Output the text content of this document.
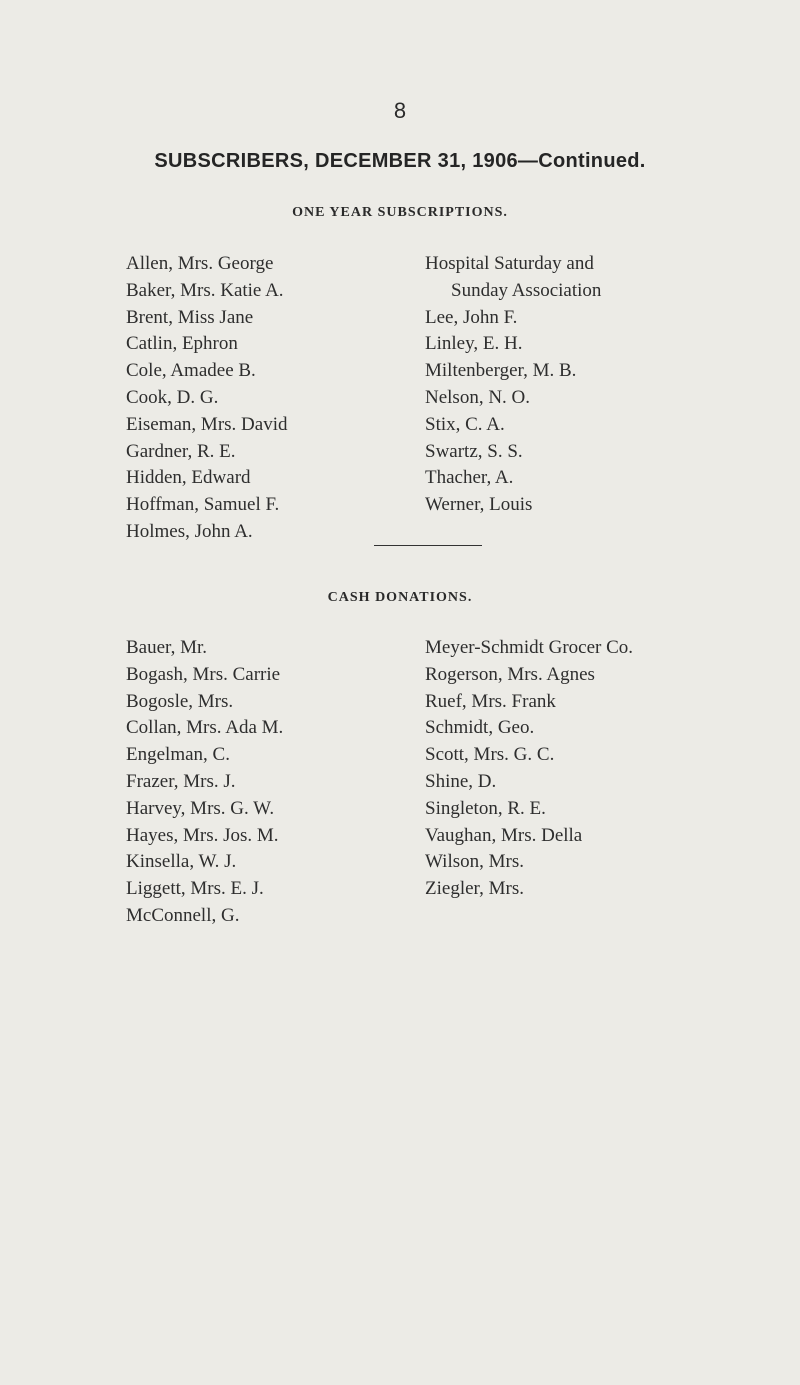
8
SUBSCRIBERS, DECEMBER 31, 1906—Continued.
ONE YEAR SUBSCRIPTIONS.
Allen, Mrs. George
Baker, Mrs. Katie A.
Brent, Miss Jane
Catlin, Ephron
Cole, Amadee B.
Cook, D. G.
Eiseman, Mrs. David
Gardner, R. E.
Hidden, Edward
Hoffman, Samuel F.
Holmes, John A.
Hospital Saturday and
Sunday Association
Lee, John F.
Linley, E. H.
Miltenberger, M. B.
Nelson, N. O.
Stix, C. A.
Swartz, S. S.
Thacher, A.
Werner, Louis
CASH DONATIONS.
Bauer, Mr.
Bogash, Mrs. Carrie
Bogosle, Mrs.
Collan, Mrs. Ada M.
Engelman, C.
Frazer, Mrs. J.
Harvey, Mrs. G. W.
Hayes, Mrs. Jos. M.
Kinsella, W. J.
Liggett, Mrs. E. J.
McConnell, G.
Meyer-Schmidt Grocer Co.
Rogerson, Mrs. Agnes
Ruef, Mrs. Frank
Schmidt, Geo.
Scott, Mrs. G. C.
Shine, D.
Singleton, R. E.
Vaughan, Mrs. Della
Wilson, Mrs.
Ziegler, Mrs.
